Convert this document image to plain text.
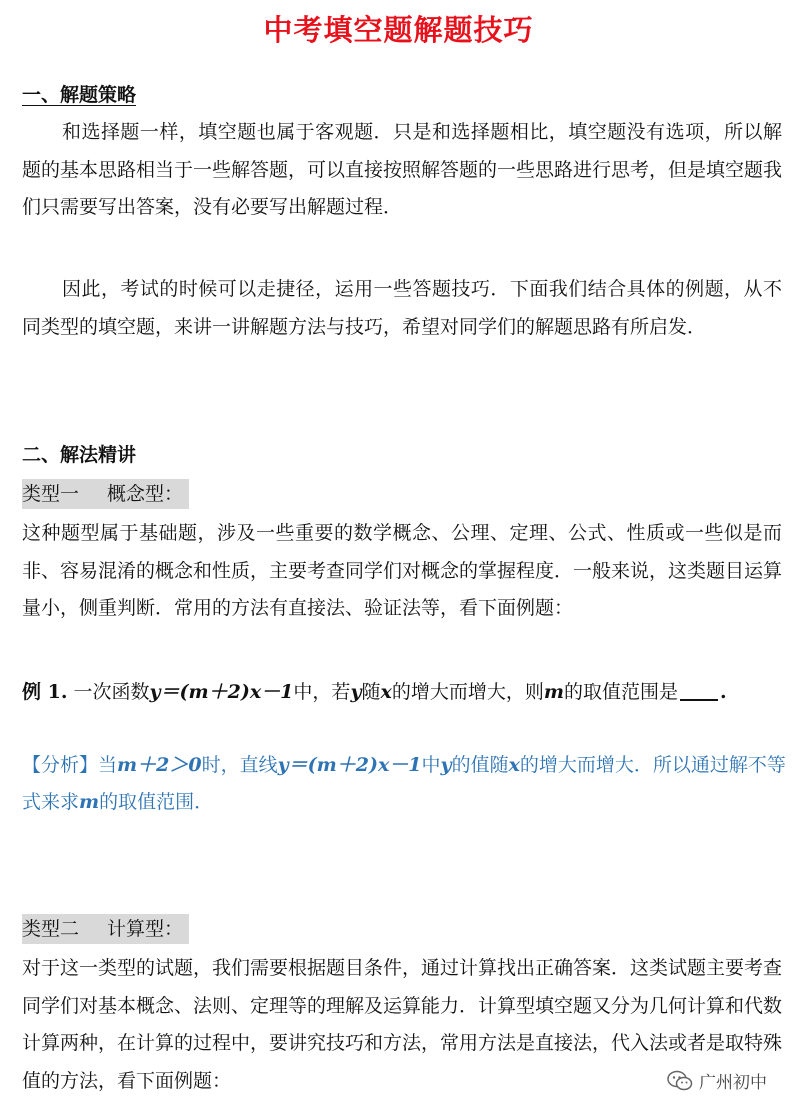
中考填空题解题技巧
一、解题策略
和选择题一样，填空题也属于客观题．只是和选择题相比，填空题没有选项，所以解题的基本思路相当于一些解答题，可以直接按照解答题的一些思路进行思考，但是填空题我们只需要写出答案，没有必要写出解题过程．
因此，考试的时候可以走捷径，运用一些答题技巧．下面我们结合具体的例题，从不同类型的填空题，来讲一讲解题方法与技巧，希望对同学们的解题思路有所启发．
二、解法精讲
类型一 概念型：
这种题型属于基础题，涉及一些重要的数学概念、公理、定理、公式、性质或一些似是而非、容易混淆的概念和性质，主要考查同学们对概念的掌握程度．一般来说，这类题目运算量小，侧重判断．常用的方法有直接法、验证法等，看下面例题：
例 1. 一次函数y＝(m＋2)x－1中，若y随x的增大而增大，则m的取值范围是 .
【分析】当m＋2＞0时，直线y＝(m＋2)x－1中y的值随x的增大而增大．所以通过解不等式来求m的取值范围．
类型二 计算型：
对于这一类型的试题，我们需要根据题目条件，通过计算找出正确答案．这类试题主要考查同学们对基本概念、法则、定理等的理解及运算能力．计算型填空题又分为几何计算和代数计算两种，在计算的过程中，要讲究技巧和方法，常用方法是直接法，代入法或者是取特殊值的方法，看下面例题：	广州初中
